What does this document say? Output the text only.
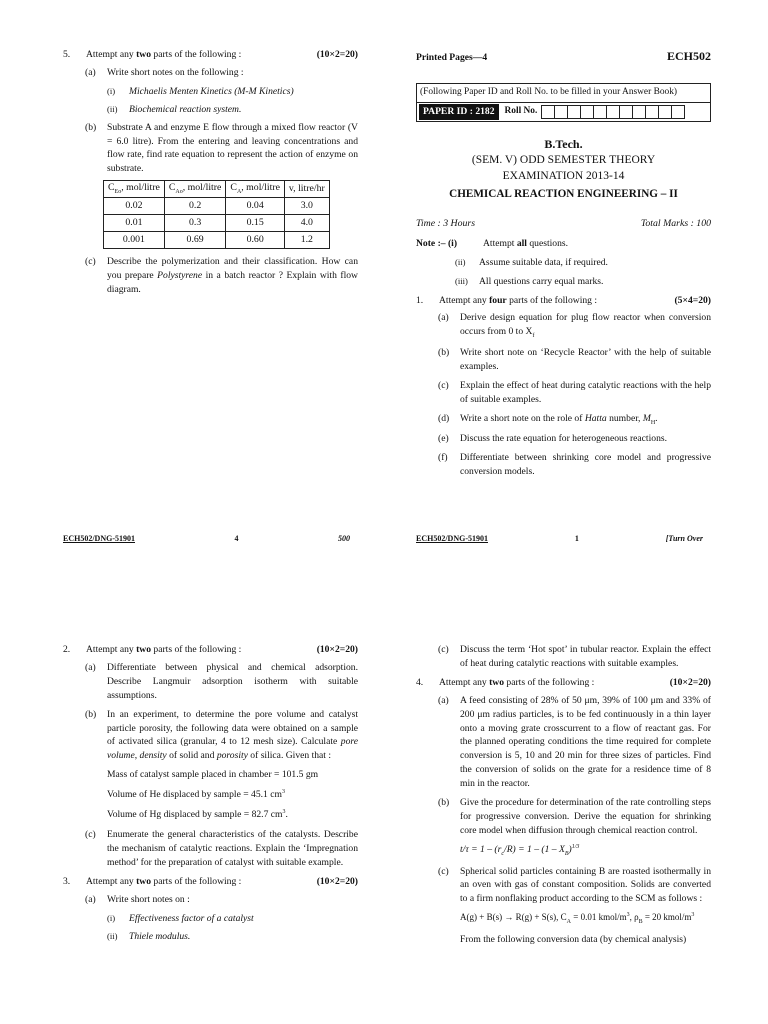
5.	Attempt any two parts of the following :	(10×2=20)
(a)	Write short notes on the following :
(i)	Michaelis Menten Kinetics (M-M Kinetics)
(ii)	Biochemical reaction system.
(b)	Substrate A and enzyme E flow through a mixed flow reactor (V = 6.0 litre). From the entering and leaving concentrations and flow rate, find rate equation to represent the action of enzyme on substrate.
$C_{Eo}$, mol/litre	$C_{Ao}$, mol/litre	$C_A$, mol/litre	v, litre/hr
0.02	0.2	0.04	3.0
0.01	0.3	0.15	4.0
0.001	0.69	0.60	1.2
(c)	Describe the polymerization and their classification. How can you prepare Polystyrene in a batch reactor ? Explain with flow diagram.
ECH502/DNG-51901	4	500
Printed Pages—4	ECH502
(Following Paper ID and Roll No. to be filled in your Answer Book)
PAPER ID : 2182	Roll No.
B.Tech.
(SEM. V) ODD SEMESTER THEORY
EXAMINATION 2013-14
CHEMICAL REACTION ENGINEERING – II
Time : 3 Hours	Total Marks : 100
Note :– (i)	Attempt all questions.
(ii)	Assume suitable data, if required.
(iii)	All questions carry equal marks.
1.	Attempt any four parts of the following :	(5×4=20)
(a)	Derive design equation for plug flow reactor when conversion occurs from 0 to $X_f$
(b)	Write short note on ‘Recycle Reactor’ with the help of suitable examples.
(c)	Explain the effect of heat during catalytic reactions with the help of suitable examples.
(d)	Write a short note on the role of Hatta number, $M_H$.
(e)	Discuss the rate equation for heterogeneous reactions.
(f)	Differentiate between shrinking core model and progressive conversion models.
ECH502/DNG-51901	1	[Turn Over
2.	Attempt any two parts of the following :	(10×2=20)
(a)	Differentiate between physical and chemical adsorption. Describe Langmuir adsorption isotherm with suitable assumptions.
(b)	In an experiment, to determine the pore volume and catalyst particle porosity, the following data were obtained on a sample of activated silica (granular, 4 to 12 mesh size). Calculate pore volume, density of solid and porosity of silica. Given that :
Mass of catalyst sample placed in chamber = 101.5 gm
Volume of He displaced by sample = 45.1 $cm^3$
Volume of Hg displaced by sample = 82.7 $cm^3$.
(c)	Enumerate the general characteristics of the catalysts. Describe the mechanism of catalytic reactions. Explain the ‘Impregnation method’ for the preparation of catalyst with suitable example.
3.	Attempt any two parts of the following :	(10×2=20)
(a)	Write short notes on :
(i)	Effectiveness factor of a catalyst
(ii)	Thiele modulus.
(c)	Discuss the term ‘Hot spot’ in tubular reactor. Explain the effect of heat during catalytic reactions with suitable examples.
4.	Attempt any two parts of the following :	(10×2=20)
(a)	A feed consisting of 28% of 50 μm, 39% of 100 μm and 33% of 200 μm radius particles, is to be fed continuously in a thin layer onto a moving grate crosscurrent to a flow of reactant gas. For the planned operating conditions the time required for complete conversion is 5, 10 and 20 min for three sizes of particles. Find the conversion of solids on the grate for a residence time of 8 min in the reactor.
(b)	Give the procedure for determination of the rate controlling steps for progressive conversion. Derive the equation for shrinking core model when diffusion through chemical reaction control.
$t/\tau = 1 - (r_c/R) = 1 - (1 - X_B)^{1/3}$
(c)	Spherical solid particles containing B are roasted isothermally in an oven with gas of constant composition. Solids are converted to a firm nonflaking product according to the SCM as follows :
A(g) + B(s) → R(g) + S(s), $C_A = 0.01$ kmol/$m^3$, $\rho_B = 20$ kmol/$m^3$
From the following conversion data (by chemical analysis)
